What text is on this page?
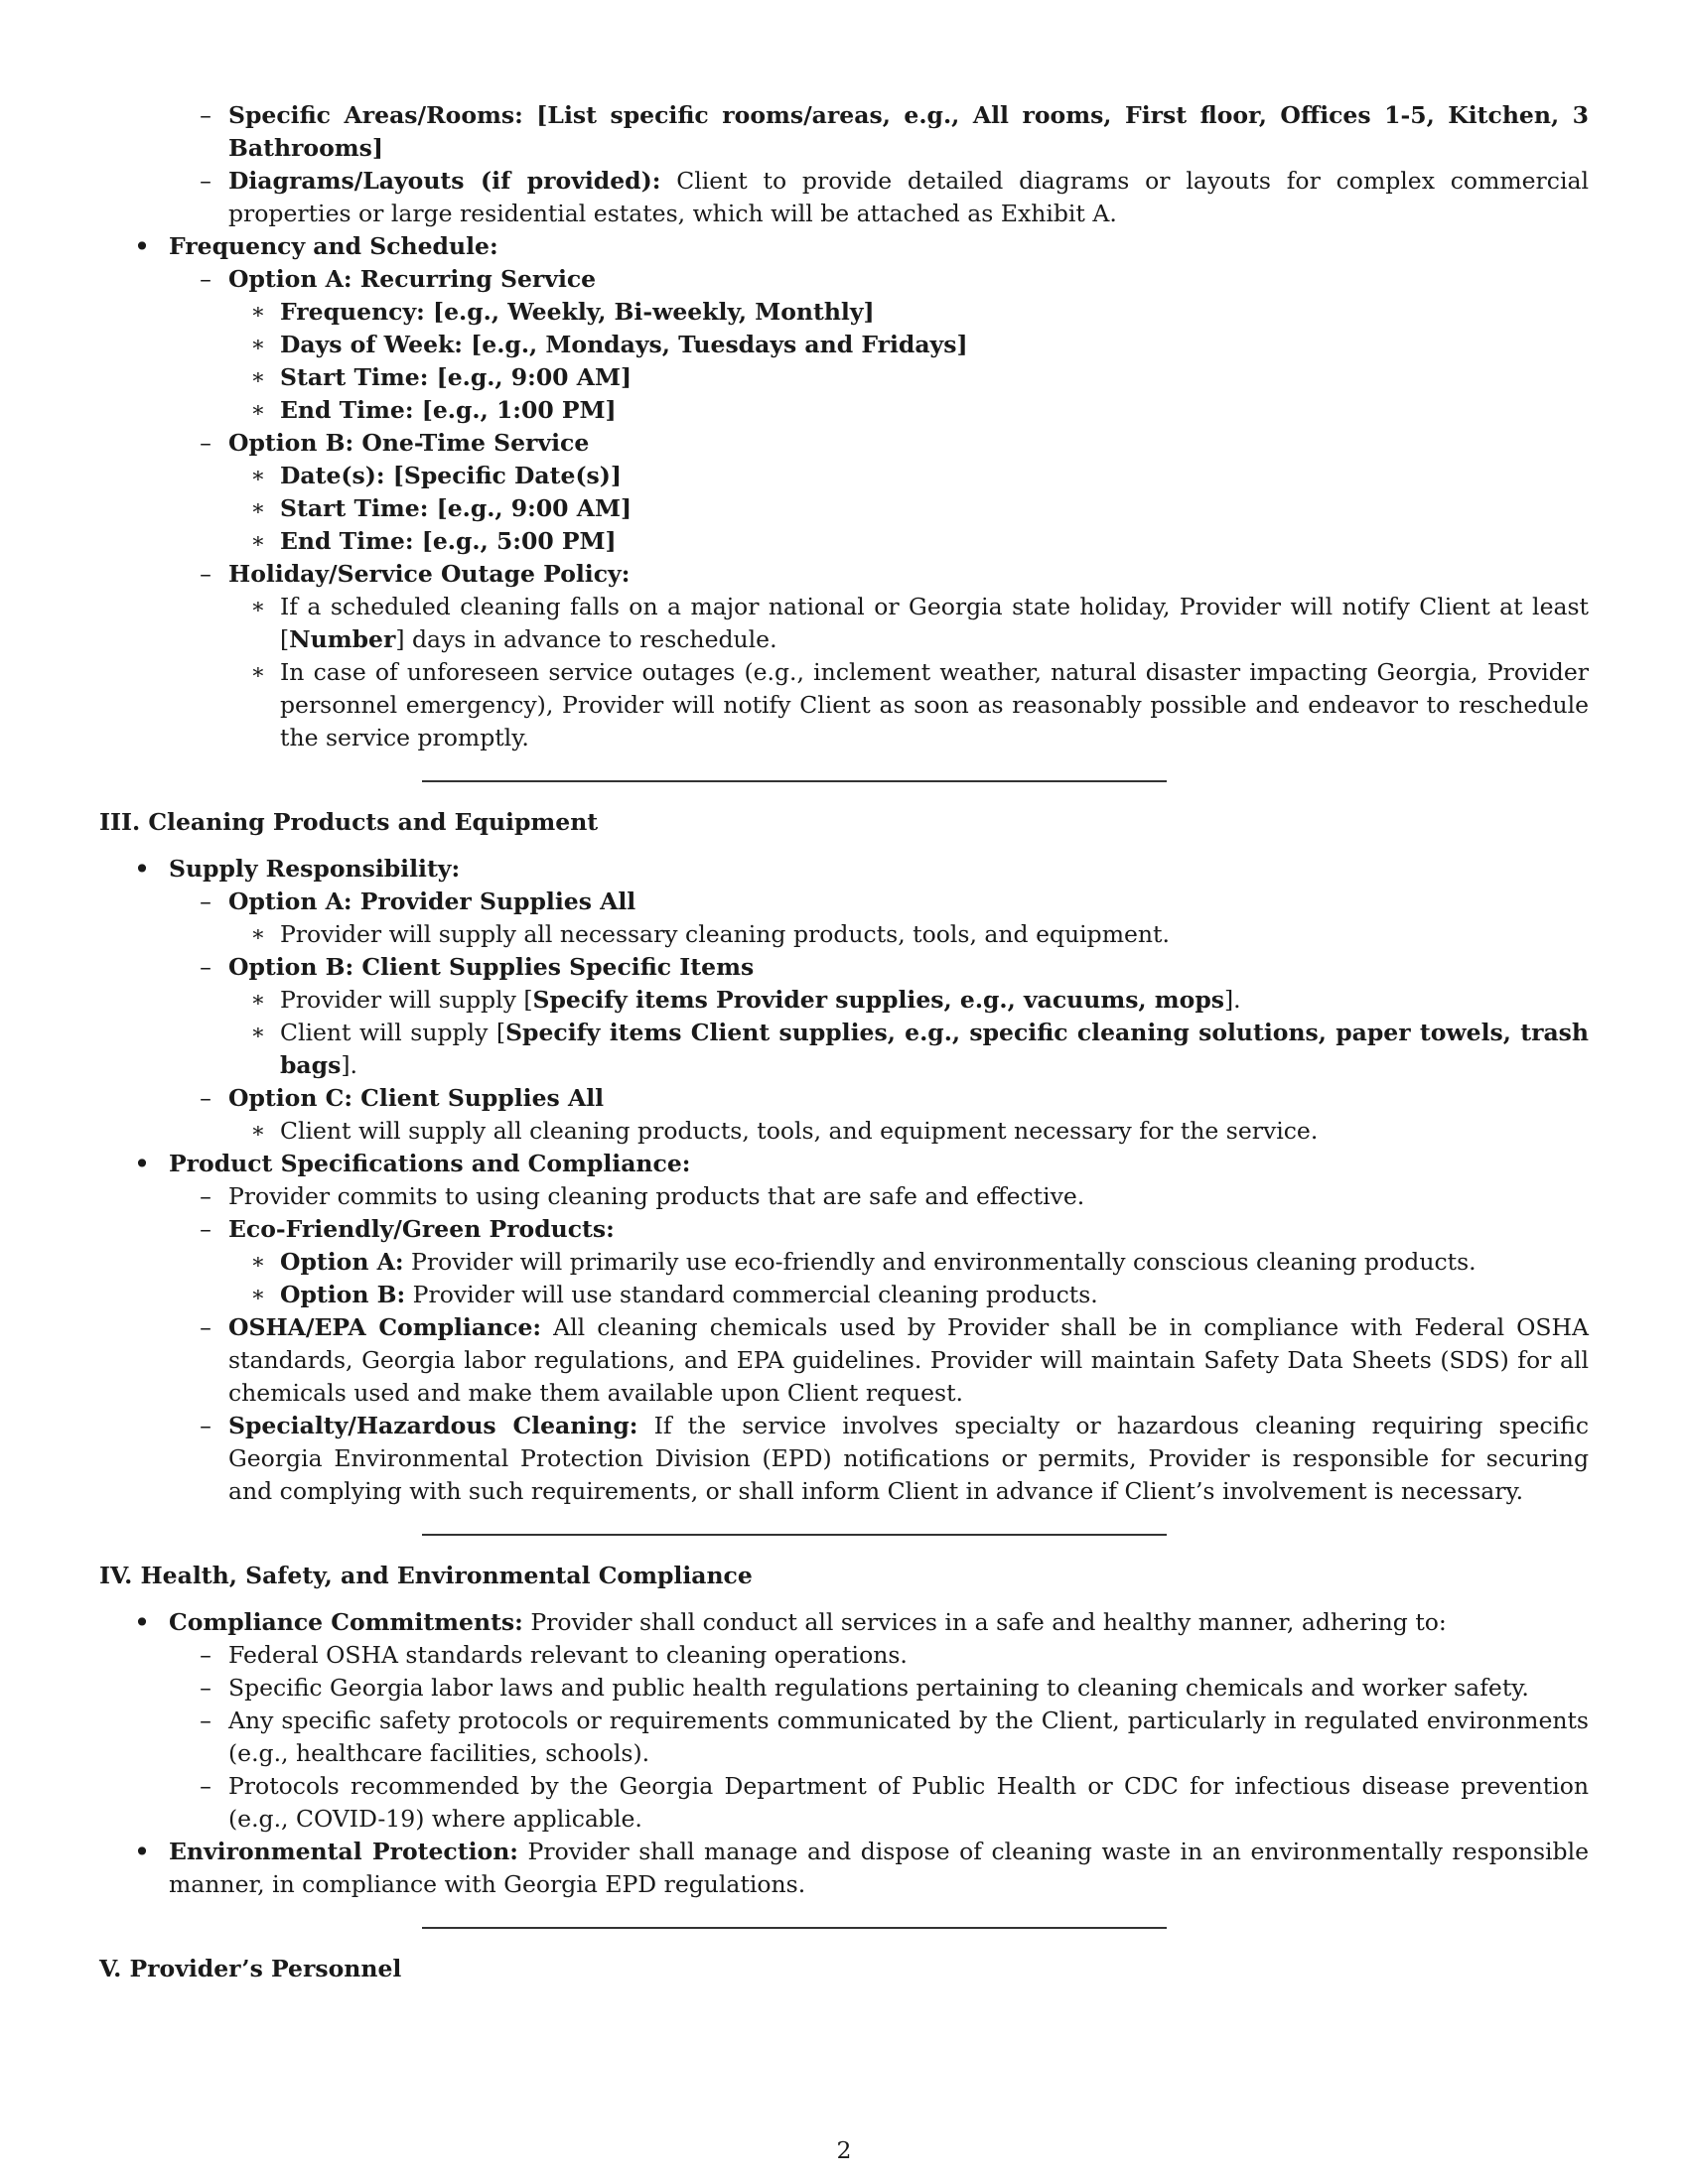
– Specific Areas/Rooms: [List specific rooms/areas, e.g., All rooms, First floor, Offices 1-5, Kitchen, 3 Bathrooms]
– Diagrams/Layouts (if provided): Client to provide detailed diagrams or layouts for complex commercial properties or large residential estates, which will be attached as Exhibit A.
• Frequency and Schedule:
– Option A: Recurring Service
∗ Frequency: [e.g., Weekly, Bi-weekly, Monthly]
∗ Days of Week: [e.g., Mondays, Tuesdays and Fridays]
∗ Start Time: [e.g., 9:00 AM]
∗ End Time: [e.g., 1:00 PM]
– Option B: One-Time Service
∗ Date(s): [Specific Date(s)]
∗ Start Time: [e.g., 9:00 AM]
∗ End Time: [e.g., 5:00 PM]
– Holiday/Service Outage Policy:
∗ If a scheduled cleaning falls on a major national or Georgia state holiday, Provider will notify Client at least [Number] days in advance to reschedule.
∗ In case of unforeseen service outages (e.g., inclement weather, natural disaster impacting Georgia, Provider personnel emergency), Provider will notify Client as soon as reasonably possible and endeavor to reschedule the service promptly.

III. Cleaning Products and Equipment

• Supply Responsibility:
– Option A: Provider Supplies All
∗ Provider will supply all necessary cleaning products, tools, and equipment.
– Option B: Client Supplies Specific Items
∗ Provider will supply [Specify items Provider supplies, e.g., vacuums, mops].
∗ Client will supply [Specify items Client supplies, e.g., specific cleaning solutions, paper towels, trash bags].
– Option C: Client Supplies All
∗ Client will supply all cleaning products, tools, and equipment necessary for the service.
• Product Specifications and Compliance:
– Provider commits to using cleaning products that are safe and effective.
– Eco-Friendly/Green Products:
∗ Option A: Provider will primarily use eco-friendly and environmentally conscious cleaning products.
∗ Option B: Provider will use standard commercial cleaning products.
– OSHA/EPA Compliance: All cleaning chemicals used by Provider shall be in compliance with Federal OSHA standards, Georgia labor regulations, and EPA guidelines. Provider will maintain Safety Data Sheets (SDS) for all chemicals used and make them available upon Client request.
– Specialty/Hazardous Cleaning: If the service involves specialty or hazardous cleaning requiring specific Georgia Environmental Protection Division (EPD) notifications or permits, Provider is responsible for securing and complying with such requirements, or shall inform Client in advance if Client’s involvement is necessary.

IV. Health, Safety, and Environmental Compliance

• Compliance Commitments: Provider shall conduct all services in a safe and healthy manner, adhering to:
– Federal OSHA standards relevant to cleaning operations.
– Specific Georgia labor laws and public health regulations pertaining to cleaning chemicals and worker safety.
– Any specific safety protocols or requirements communicated by the Client, particularly in regulated environments (e.g., healthcare facilities, schools).
– Protocols recommended by the Georgia Department of Public Health or CDC for infectious disease prevention (e.g., COVID-19) where applicable.
• Environmental Protection: Provider shall manage and dispose of cleaning waste in an environmentally responsible manner, in compliance with Georgia EPD regulations.

V. Provider’s Personnel

2
